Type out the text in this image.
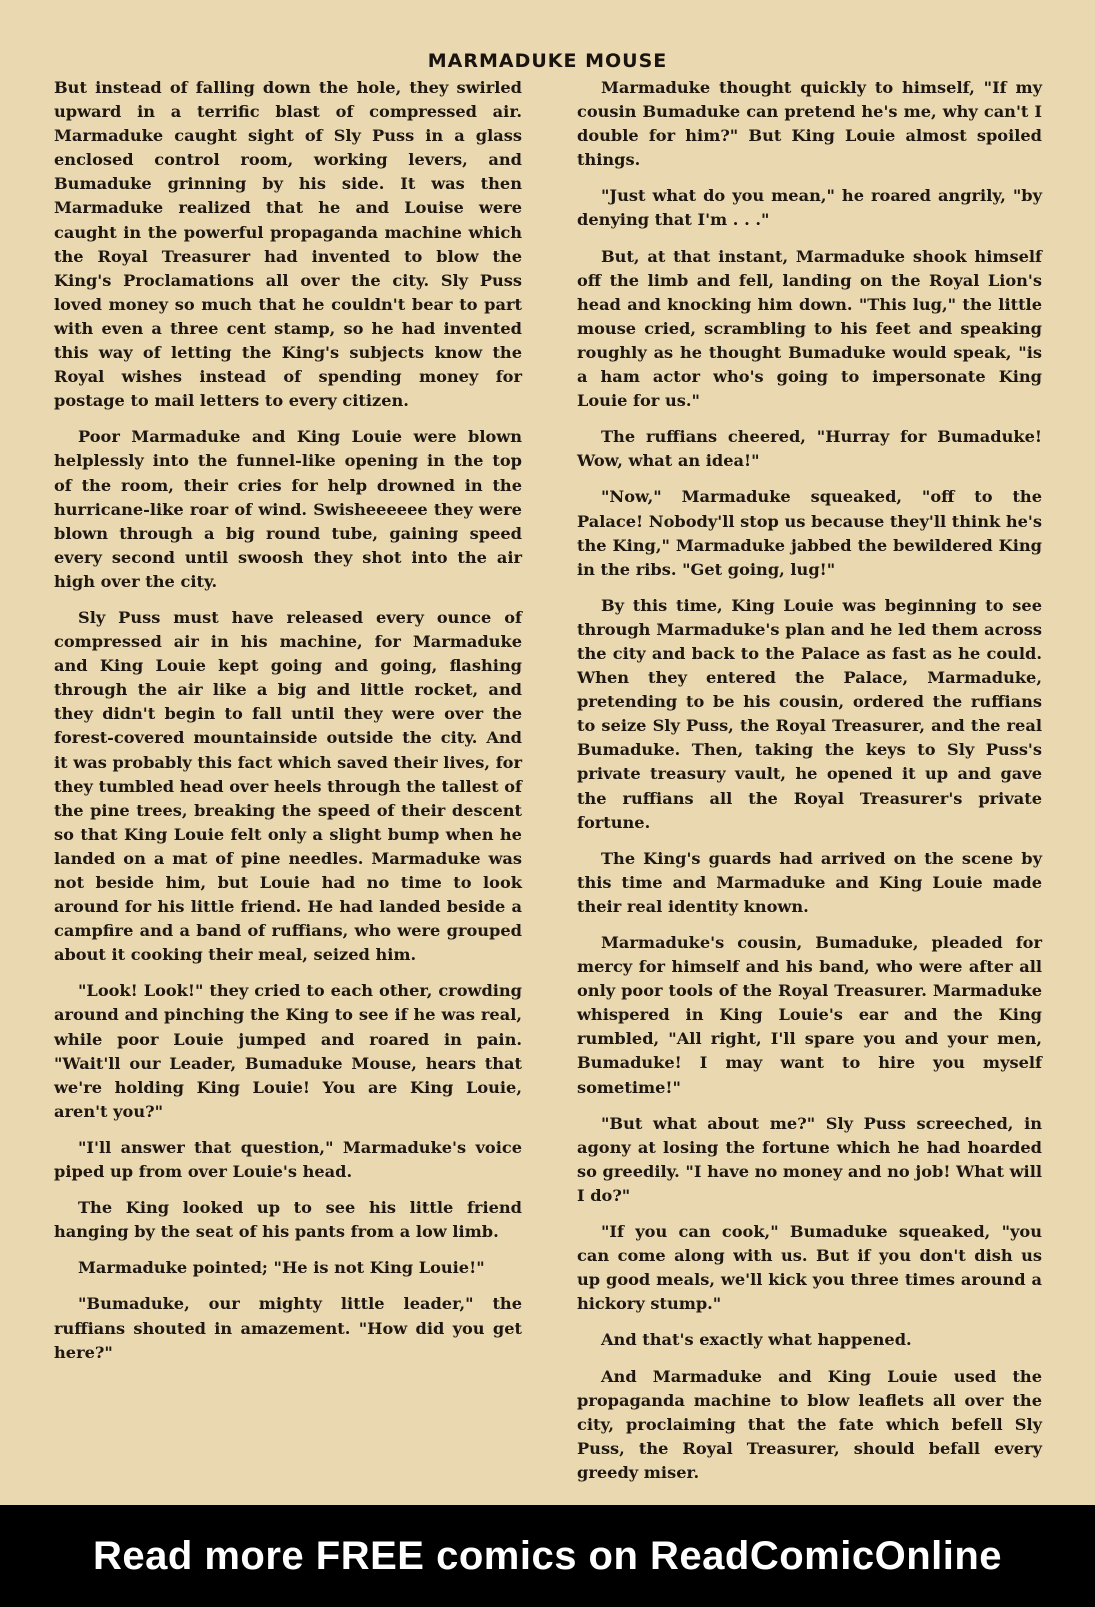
MARMADUKE MOUSE

But instead of falling down the hole, they swirled upward in a terrific blast of compressed air. Marmaduke caught sight of Sly Puss in a glass enclosed control room, working levers, and Bumaduke grinning by his side. It was then Marmaduke realized that he and Louise were caught in the powerful propaganda machine which the Royal Treasurer had invented to blow the King's Proclamations all over the city. Sly Puss loved money so much that he couldn't bear to part with even a three cent stamp, so he had invented this way of letting the King's subjects know the Royal wishes instead of spending money for postage to mail letters to every citizen.

Poor Marmaduke and King Louie were blown helplessly into the funnel-like opening in the top of the room, their cries for help drowned in the hurricane-like roar of wind. Swisheeeeee they were blown through a big round tube, gaining speed every second until swoosh they shot into the air high over the city.

Sly Puss must have released every ounce of compressed air in his machine, for Marmaduke and King Louie kept going and going, flashing through the air like a big and little rocket, and they didn't begin to fall until they were over the forest-covered mountainside outside the city. And it was probably this fact which saved their lives, for they tumbled head over heels through the tallest of the pine trees, breaking the speed of their descent so that King Louie felt only a slight bump when he landed on a mat of pine needles. Marmaduke was not beside him, but Louie had no time to look around for his little friend. He had landed beside a campfire and a band of ruffians, who were grouped about it cooking their meal, seized him.

"Look! Look!" they cried to each other, crowding around and pinching the King to see if he was real, while poor Louie jumped and roared in pain. "Wait'll our Leader, Bumaduke Mouse, hears that we're holding King Louie! You are King Louie, aren't you?"

"I'll answer that question," Marmaduke's voice piped up from over Louie's head.

The King looked up to see his little friend hanging by the seat of his pants from a low limb.

Marmaduke pointed; "He is not King Louie!"

"Bumaduke, our mighty little leader," the ruffians shouted in amazement. "How did you get here?"

Marmaduke thought quickly to himself, "If my cousin Bumaduke can pretend he's me, why can't I double for him?" But King Louie almost spoiled things.

"Just what do you mean," he roared angrily, "by denying that I'm . . ."

But, at that instant, Marmaduke shook himself off the limb and fell, landing on the Royal Lion's head and knocking him down. "This lug," the little mouse cried, scrambling to his feet and speaking roughly as he thought Bumaduke would speak, "is a ham actor who's going to impersonate King Louie for us."

The ruffians cheered, "Hurray for Bumaduke! Wow, what an idea!"

"Now," Marmaduke squeaked, "off to the Palace! Nobody'll stop us because they'll think he's the King," Marmaduke jabbed the bewildered King in the ribs. "Get going, lug!"

By this time, King Louie was beginning to see through Marmaduke's plan and he led them across the city and back to the Palace as fast as he could. When they entered the Palace, Marmaduke, pretending to be his cousin, ordered the ruffians to seize Sly Puss, the Royal Treasurer, and the real Bumaduke. Then, taking the keys to Sly Puss's private treasury vault, he opened it up and gave the ruffians all the Royal Treasurer's private fortune.

The King's guards had arrived on the scene by this time and Marmaduke and King Louie made their real identity known.

Marmaduke's cousin, Bumaduke, pleaded for mercy for himself and his band, who were after all only poor tools of the Royal Treasurer. Marmaduke whispered in King Louie's ear and the King rumbled, "All right, I'll spare you and your men, Bumaduke! I may want to hire you myself sometime!"

"But what about me?" Sly Puss screeched, in agony at losing the fortune which he had hoarded so greedily. "I have no money and no job! What will I do?"

"If you can cook," Bumaduke squeaked, "you can come along with us. But if you don't dish us up good meals, we'll kick you three times around a hickory stump."

And that's exactly what happened.

And Marmaduke and King Louie used the propaganda machine to blow leaflets all over the city, proclaiming that the fate which befell Sly Puss, the Royal Treasurer, should befall every greedy miser.

Read more FREE comics on ReadComicOnline
